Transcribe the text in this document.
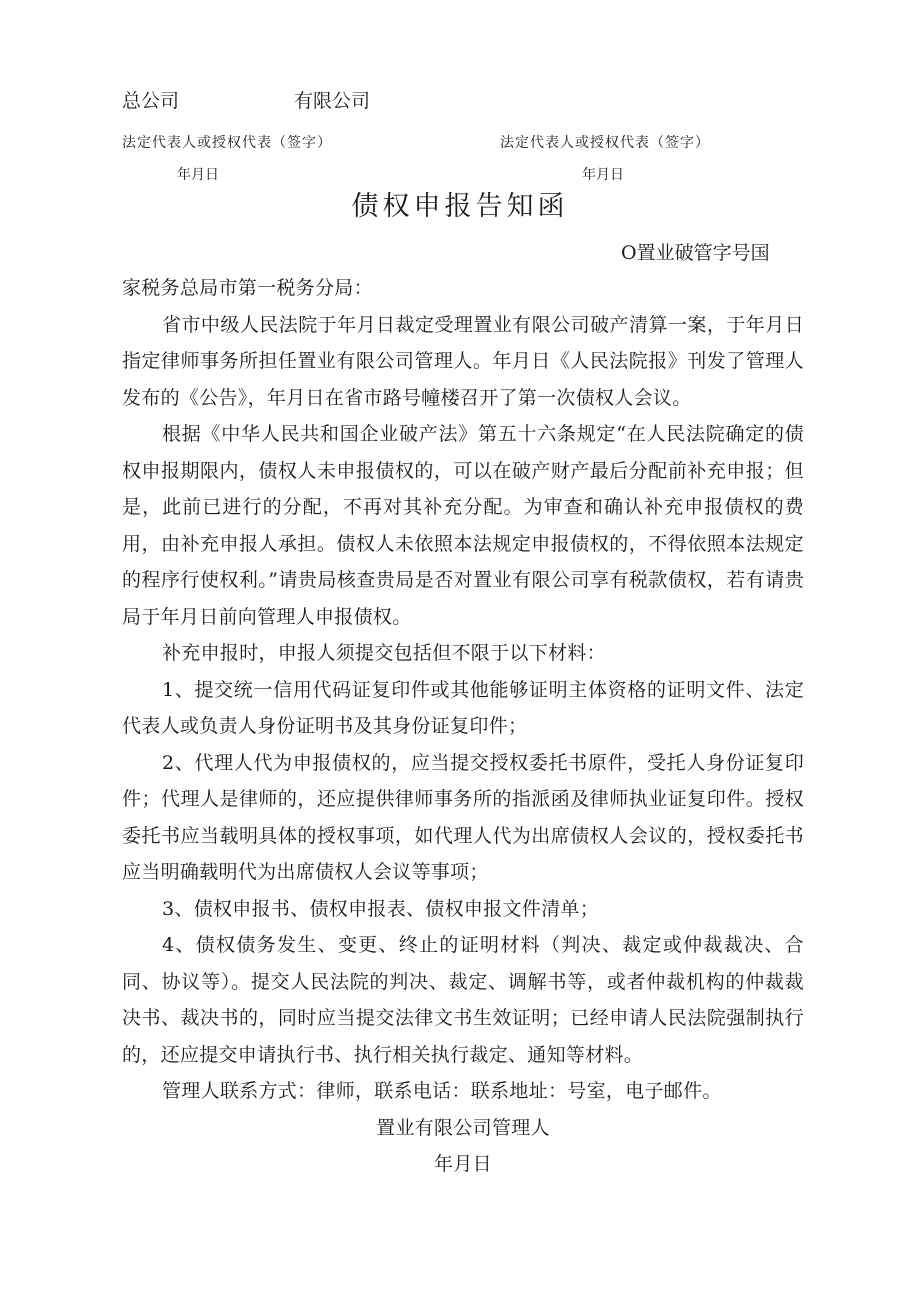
总公司	有限公司
法定代表人或授权代表（签字）	法定代表人或授权代表（签字）
年月日	年月日
债权申报告知函
O置业破管字号国

家税务总局市第一税务分局：

省市中级人民法院于年月日裁定受理置业有限公司破产清算一案，于年月日指定律师事务所担任置业有限公司管理人。年月日《人民法院报》刊发了管理人发布的《公告》，年月日在省市路号幢楼召开了第一次债权人会议。

根据《中华人民共和国企业破产法》第五十六条规定“在人民法院确定的债权申报期限内，债权人未申报债权的，可以在破产财产最后分配前补充申报；但是，此前已进行的分配，不再对其补充分配。为审查和确认补充申报债权的费用，由补充申报人承担。债权人未依照本法规定申报债权的，不得依照本法规定的程序行使权利。”请贵局核查贵局是否对置业有限公司享有税款债权，若有请贵局于年月日前向管理人申报债权。

补充申报时，申报人须提交包括但不限于以下材料：

1、提交统一信用代码证复印件或其他能够证明主体资格的证明文件、法定代表人或负责人身份证明书及其身份证复印件；

2、代理人代为申报债权的，应当提交授权委托书原件，受托人身份证复印件；代理人是律师的，还应提供律师事务所的指派函及律师执业证复印件。授权委托书应当载明具体的授权事项，如代理人代为出席债权人会议的，授权委托书应当明确载明代为出席债权人会议等事项；

3、债权申报书、债权申报表、债权申报文件清单；

4、债权债务发生、变更、终止的证明材料（判决、裁定或仲裁裁决、合同、协议等）。提交人民法院的判决、裁定、调解书等，或者仲裁机构的仲裁裁决书、裁决书的，同时应当提交法律文书生效证明；已经申请人民法院强制执行的，还应提交申请执行书、执行相关执行裁定、通知等材料。

管理人联系方式：律师，联系电话：联系地址：号室，电子邮件。

置业有限公司管理人

年月日
